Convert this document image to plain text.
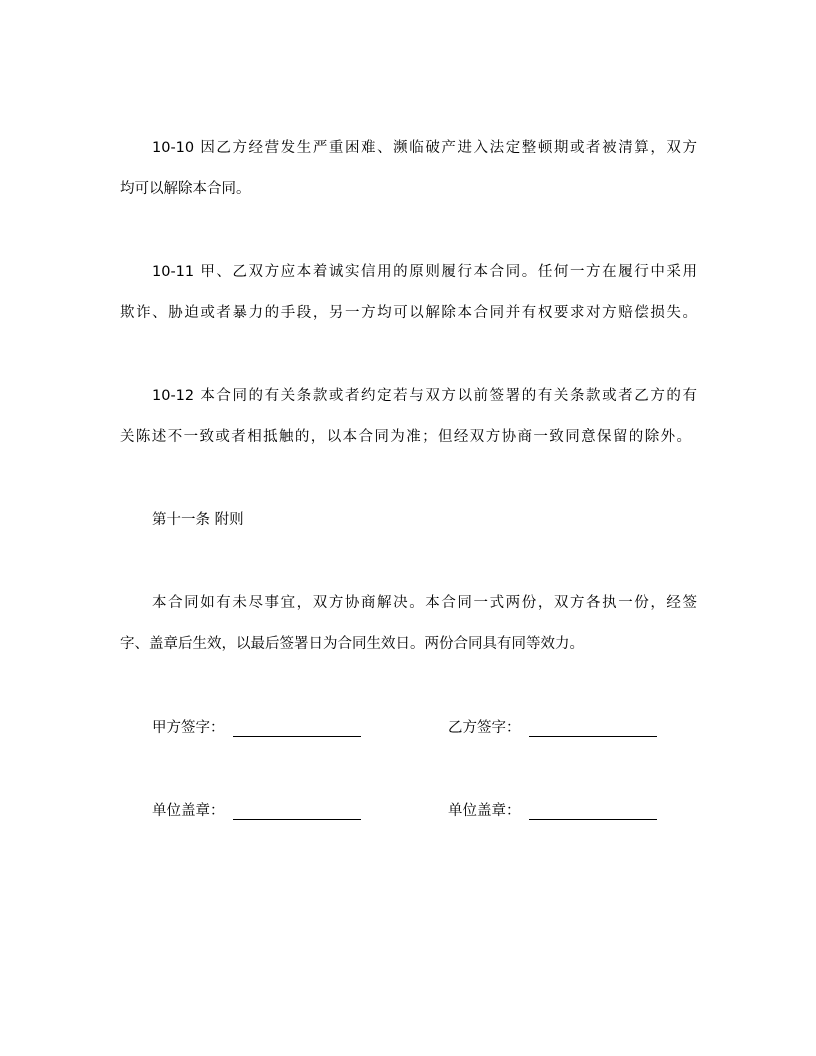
10-10 因乙方经营发生严重困难、濒临破产进入法定整顿期或者被清算，双方
均可以解除本合同。
10-11 甲、乙双方应本着诚实信用的原则履行本合同。任何一方在履行中采用
欺诈、胁迫或者暴力的手段，另一方均可以解除本合同并有权要求对方赔偿损失。
10-12 本合同的有关条款或者约定若与双方以前签署的有关条款或者乙方的有
关陈述不一致或者相抵触的，以本合同为准；但经双方协商一致同意保留的除外。
第十一条 附则
本合同如有未尽事宜，双方协商解决。本合同一式两份，双方各执一份，经签
字、盖章后生效，以最后签署日为合同生效日。两份合同具有同等效力。
甲方签字：	乙方签字：
单位盖章：	单位盖章：
